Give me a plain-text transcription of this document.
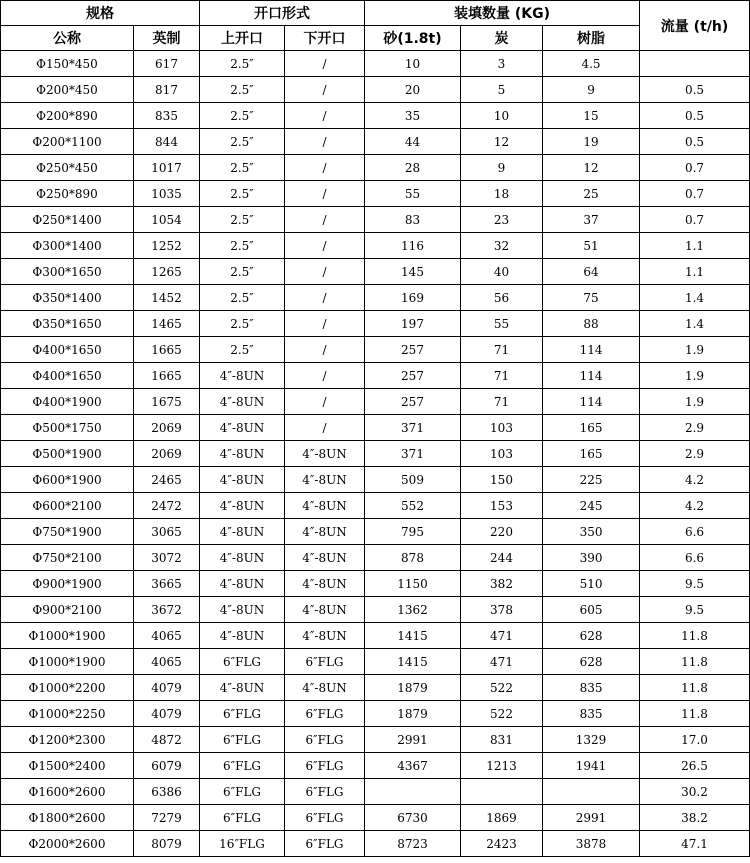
规格		开口形式		装填数量 (KG)			流量 (t/h)
公称	英制	上开口	下开口	砂(1.8t)	炭	树脂	
Φ150*450	617	2.5″	/	10	3	4.5	
Φ200*450	817	2.5″	/	20	5	9	0.5
Φ200*890	835	2.5″	/	35	10	15	0.5
Φ200*1100	844	2.5″	/	44	12	19	0.5
Φ250*450	1017	2.5″	/	28	9	12	0.7
Φ250*890	1035	2.5″	/	55	18	25	0.7
Φ250*1400	1054	2.5″	/	83	23	37	0.7
Φ300*1400	1252	2.5″	/	116	32	51	1.1
Φ300*1650	1265	2.5″	/	145	40	64	1.1
Φ350*1400	1452	2.5″	/	169	56	75	1.4
Φ350*1650	1465	2.5″	/	197	55	88	1.4
Φ400*1650	1665	2.5″	/	257	71	114	1.9
Φ400*1650	1665	4″-8UN	/	257	71	114	1.9
Φ400*1900	1675	4″-8UN	/	257	71	114	1.9
Φ500*1750	2069	4″-8UN	/	371	103	165	2.9
Φ500*1900	2069	4″-8UN	4″-8UN	371	103	165	2.9
Φ600*1900	2465	4″-8UN	4″-8UN	509	150	225	4.2
Φ600*2100	2472	4″-8UN	4″-8UN	552	153	245	4.2
Φ750*1900	3065	4″-8UN	4″-8UN	795	220	350	6.6
Φ750*2100	3072	4″-8UN	4″-8UN	878	244	390	6.6
Φ900*1900	3665	4″-8UN	4″-8UN	1150	382	510	9.5
Φ900*2100	3672	4″-8UN	4″-8UN	1362	378	605	9.5
Φ1000*1900	4065	4″-8UN	4″-8UN	1415	471	628	11.8
Φ1000*1900	4065	6″FLG	6″FLG	1415	471	628	11.8
Φ1000*2200	4079	4″-8UN	4″-8UN	1879	522	835	11.8
Φ1000*2250	4079	6″FLG	6″FLG	1879	522	835	11.8
Φ1200*2300	4872	6″FLG	6″FLG	2991	831	1329	17.0
Φ1500*2400	6079	6″FLG	6″FLG	4367	1213	1941	26.5
Φ1600*2600	6386	6″FLG	6″FLG				30.2
Φ1800*2600	7279	6″FLG	6″FLG	6730	1869	2991	38.2
Φ2000*2600	8079	16″FLG	6″FLG	8723	2423	3878	47.1
